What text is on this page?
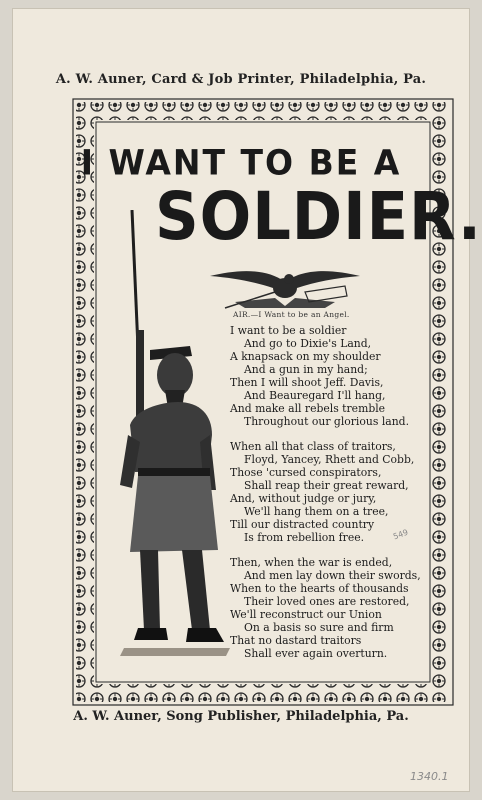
A. W. Auner, Card & Job Printer, Philadelphia, Pa.
I WANT TO BE A
SOLDIER.
AIR.—I Want to be an Angel.
I want to be a soldier
And go to Dixie's Land,
A knapsack on my shoulder
And a gun in my hand;
Then I will shoot Jeff. Davis,
And Beauregard I'll hang,
And make all rebels tremble
Throughout our glorious land.
When all that class of traitors,
Floyd, Yancey, Rhett and Cobb,
Those 'cursed conspirators,
Shall reap their great reward,
And, without judge or jury,
We'll hang them on a tree,
Till our distracted country
Is from rebellion free.
Then, when the war is ended,
And men lay down their swords,
When to the hearts of thousands
Their loved ones are restored,
We'll reconstruct our Union
On a basis so sure and firm
That no dastard traitors
Shall ever again overturn.
A. W. Auner, Song Publisher, Philadelphia, Pa.
549
1340.1
